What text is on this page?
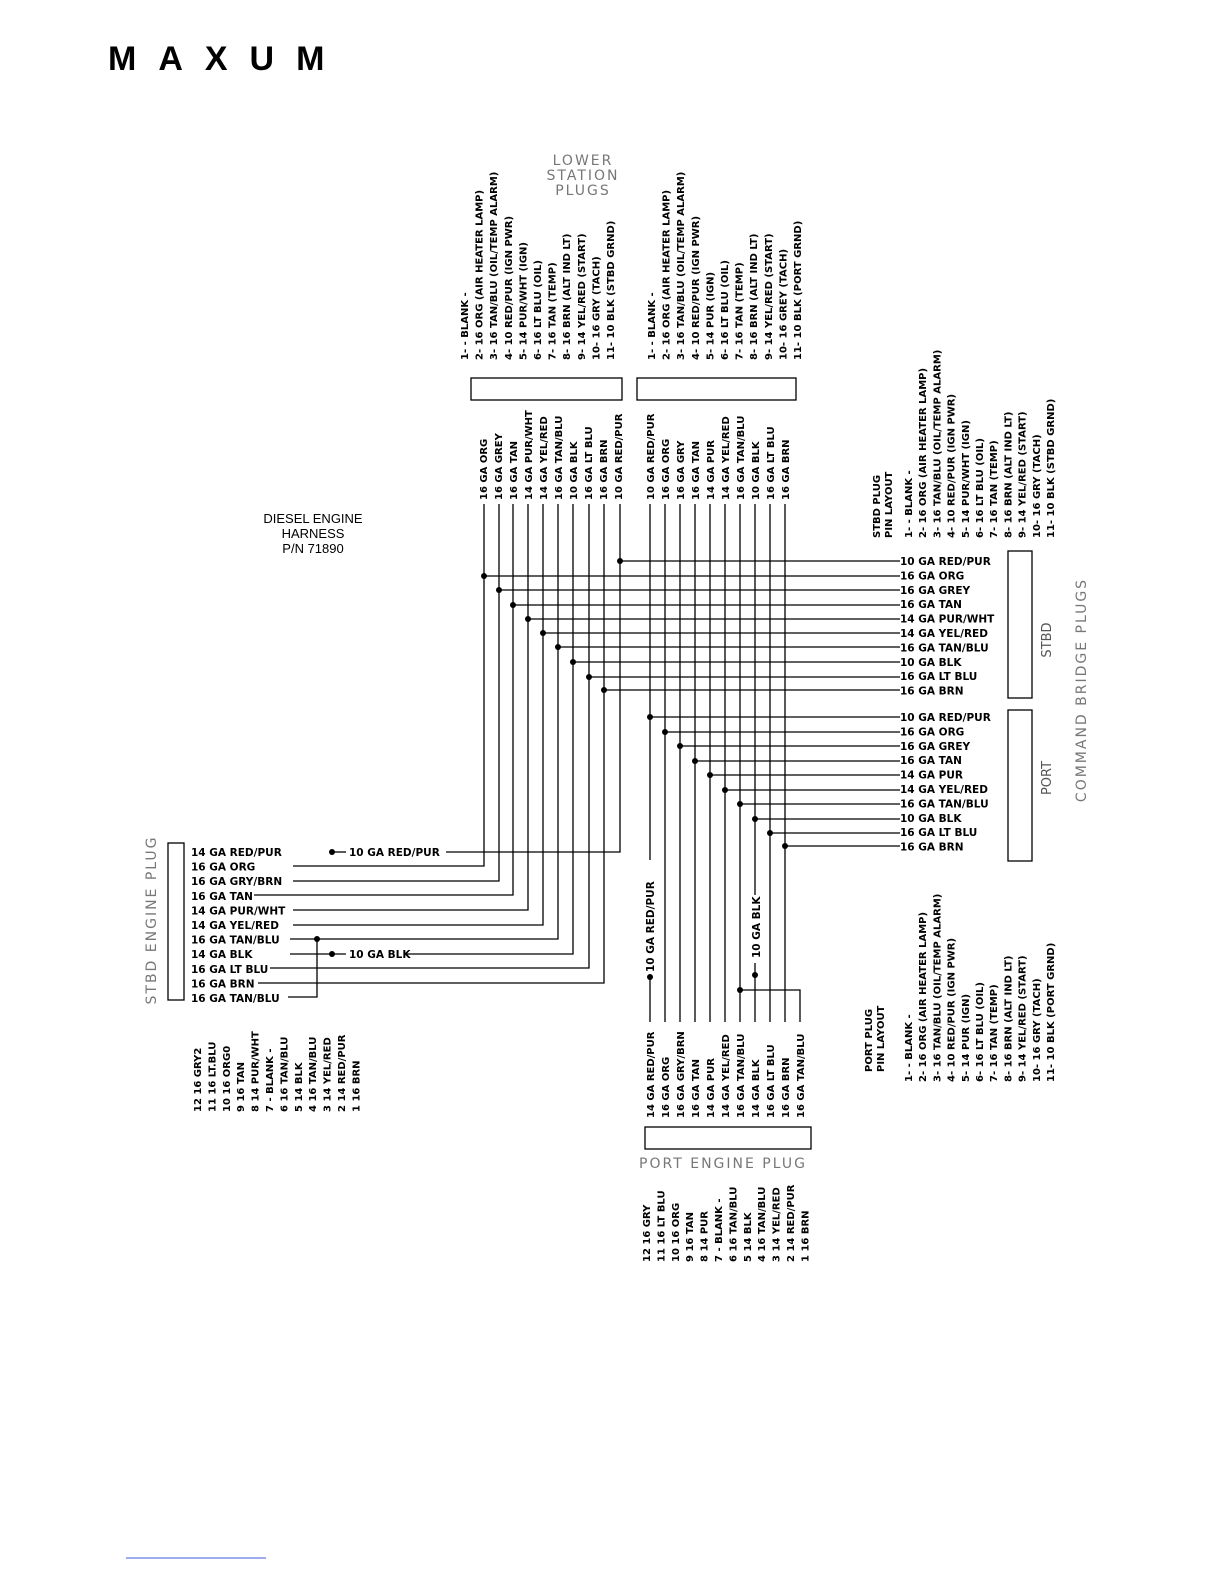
MAXUM
DIESEL ENGINE
HARNESS
P/N 71890
LOWER
STATION
PLUGS
1- - BLANK - 2- 16 ORG (AIR HEATER LAMP) 3- 16 TAN/BLU (OIL/TEMP ALARM) 4- 10 RED/PUR (IGN PWR) 5- 14 PUR/WHT (IGN) 6- 16 LT BLU (OIL) 7- 16 TAN (TEMP) 8- 16 BRN (ALT IND LT) 9- 14 YEL/RED (START) 10- 16 GRY (TACH) 11- 10 BLK (STBD GRND)	1- - BLANK - 2- 16 ORG (AIR HEATER LAMP) 3- 16 TAN/BLU (OIL/TEMP ALARM) 4- 10 RED/PUR (IGN PWR) 5- 14 PUR (IGN) 6- 16 LT BLU (OIL) 7- 16 TAN (TEMP) 8- 16 BRN (ALT IND LT) 9- 14 YEL/RED (START) 10- 16 GREY (TACH) 11- 10 BLK (PORT GRND)
16 GA ORG 16 GA GREY 16 GA TAN 14 GA PUR/WHT 14 GA YEL/RED 16 GA TAN/BLU 10 GA BLK 16 GA LT BLU 16 GA BRN 10 GA RED/PUR 10 GA RED/PUR 16 GA ORG 16 GA GRY 16 GA TAN 14 GA PUR 14 GA YEL/RED 16 GA TAN/BLU 10 GA BLK 16 GA LT BLU 16 GA BRN
STBD PLUG PIN LAYOUT 1- - BLANK - 2- 16 ORG (AIR HEATER LAMP) 3- 16 TAN/BLU (OIL/TEMP ALARM) 4- 10 RED/PUR (IGN PWR) 5- 14 PUR/WHT (IGN) 6- 16 LT BLU (OIL) 7- 16 TAN (TEMP) 8- 16 BRN (ALT IND LT) 9- 14 YEL/RED (START) 10- 16 GRY (TACH) 11- 10 BLK (STBD GRND)
PORT PLUG PIN LAYOUT 1- - BLANK - 2- 16 ORG (AIR HEATER LAMP) 3- 16 TAN/BLU (OIL/TEMP ALARM) 4- 10 RED/PUR (IGN PWR) 5- 14 PUR (IGN) 6- 16 LT BLU (OIL) 7- 16 TAN (TEMP) 8- 16 BRN (ALT IND LT) 9- 14 YEL/RED (START) 10- 16 GRY (TACH) 11- 10 BLK (PORT GRND)
STBD
PORT COMMAND BRIDGE PLUGS
10 GA RED/PUR
16 GA ORG
16 GA GREY
16 GA TAN
14 GA PUR/WHT
14 GA YEL/RED
16 GA TAN/BLU
10 GA BLK
16 GA LT BLU
16 GA BRN
10 GA RED/PUR
16 GA ORG
16 GA GREY
16 GA TAN
14 GA PUR
14 GA YEL/RED
16 GA TAN/BLU
10 GA BLK
16 GA LT BLU
16 GA BRN
STBD ENGINE PLUG	14 GA RED/PUR
16 GA ORG
16 GA GRY/BRN
16 GA TAN
14 GA PUR/WHT
14 GA YEL/RED
16 GA TAN/BLU
14 GA BLK
16 GA LT BLU
16 GA BRN
16 GA TAN/BLU
12 16 GRY2 11 16 LT.BLU 10 16 ORG0 9 16 TAN 8 14 PUR/WHT 7 - BLANK - 6 16 TAN/BLU 5 14 BLK 4 16 TAN/BLU 3 14 YEL/RED 2 14 RED/PUR 1 16 BRN
10 GA RED/PUR
10 GA BLK
PORT ENGINE PLUG
14 GA RED/PUR 16 GA ORG 16 GA GRY/BRN 16 GA TAN 14 GA PUR 14 GA YEL/RED 16 GA TAN/BLU 14 GA BLK 16 GA LT BLU 16 GA BRN 16 GA TAN/BLU
12 16 GRY 11 16 LT BLU 10 16 ORG 9 16 TAN 8 14 PUR 7 - BLANK - 6 16 TAN/BLU 5 14 BLK 4 16 TAN/BLU 3 14 YEL/RED 2 14 RED/PUR 1 16 BRN
10 GA RED/PUR	10 GA BLK
